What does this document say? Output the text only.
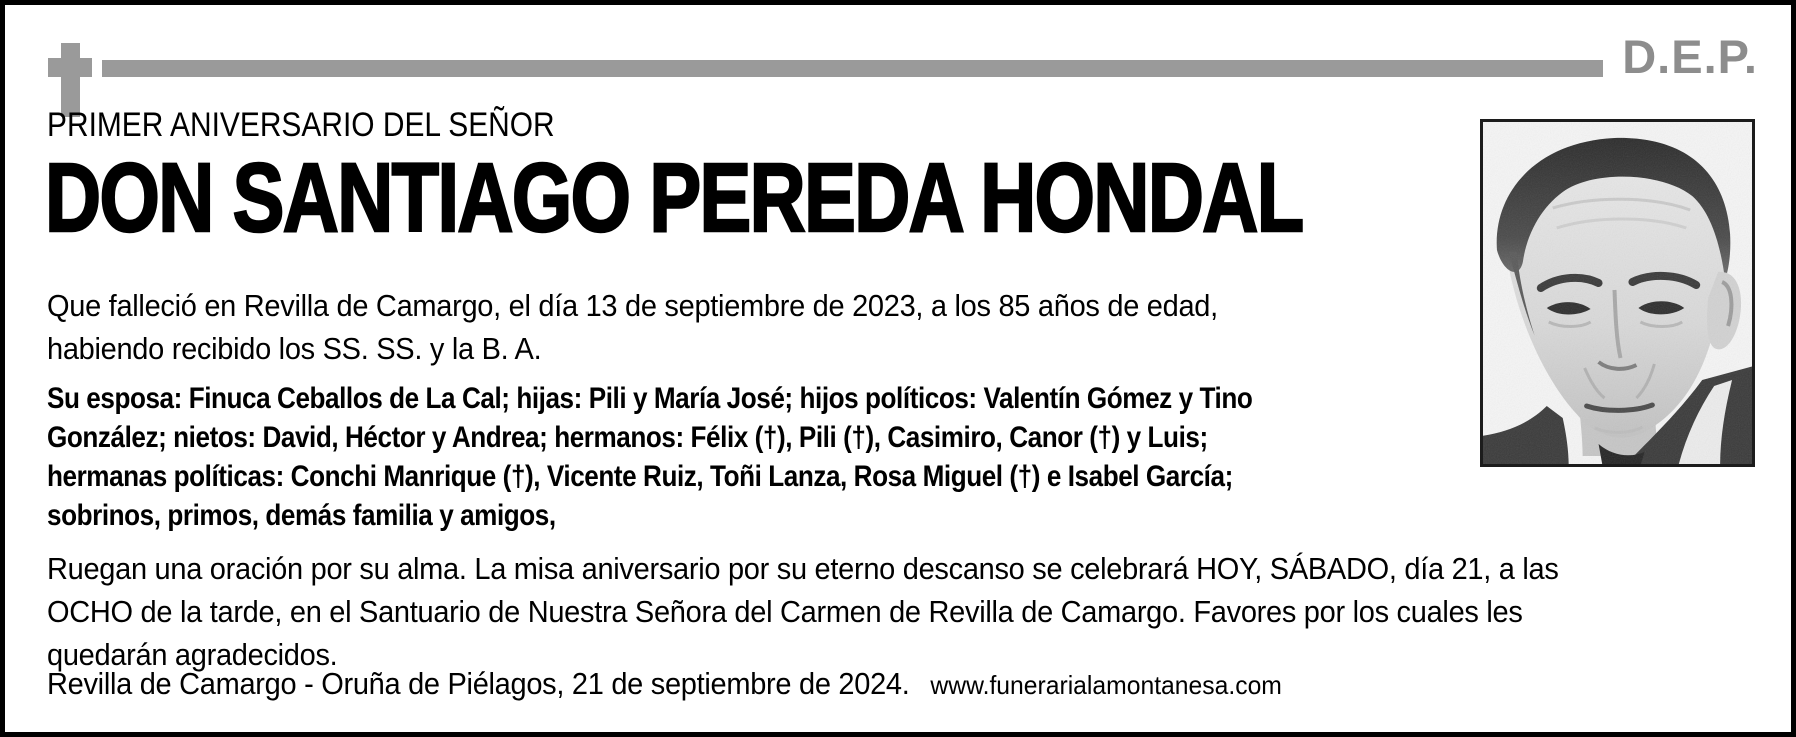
D.E.P.
PRIMER ANIVERSARIO DEL SEÑOR
DON SANTIAGO PEREDA HONDAL
Que falleció en Revilla de Camargo, el día 13 de septiembre de 2023, a los 85 años de edad,
habiendo recibido los SS. SS. y la B. A.
Su esposa: Finuca Ceballos de La Cal; hijas: Pili y María José; hijos políticos: Valentín Gómez y Tino
González; nietos: David, Héctor y Andrea; hermanos: Félix (†), Pili (†), Casimiro, Canor (†) y Luis;
hermanas políticas: Conchi Manrique (†), Vicente Ruiz, Toñi Lanza, Rosa Miguel (†) e Isabel García;
sobrinos, primos, demás familia y amigos,
Ruegan una oración por su alma. La misa aniversario por su eterno descanso se celebrará HOY, SÁBADO, día 21, a las
OCHO de la tarde, en el Santuario de Nuestra Señora del Carmen de Revilla de Camargo. Favores por los cuales les
quedarán agradecidos.
Revilla de Camargo - Oruña de Piélagos, 21 de septiembre de 2024. www.funerarialamontanesa.com
